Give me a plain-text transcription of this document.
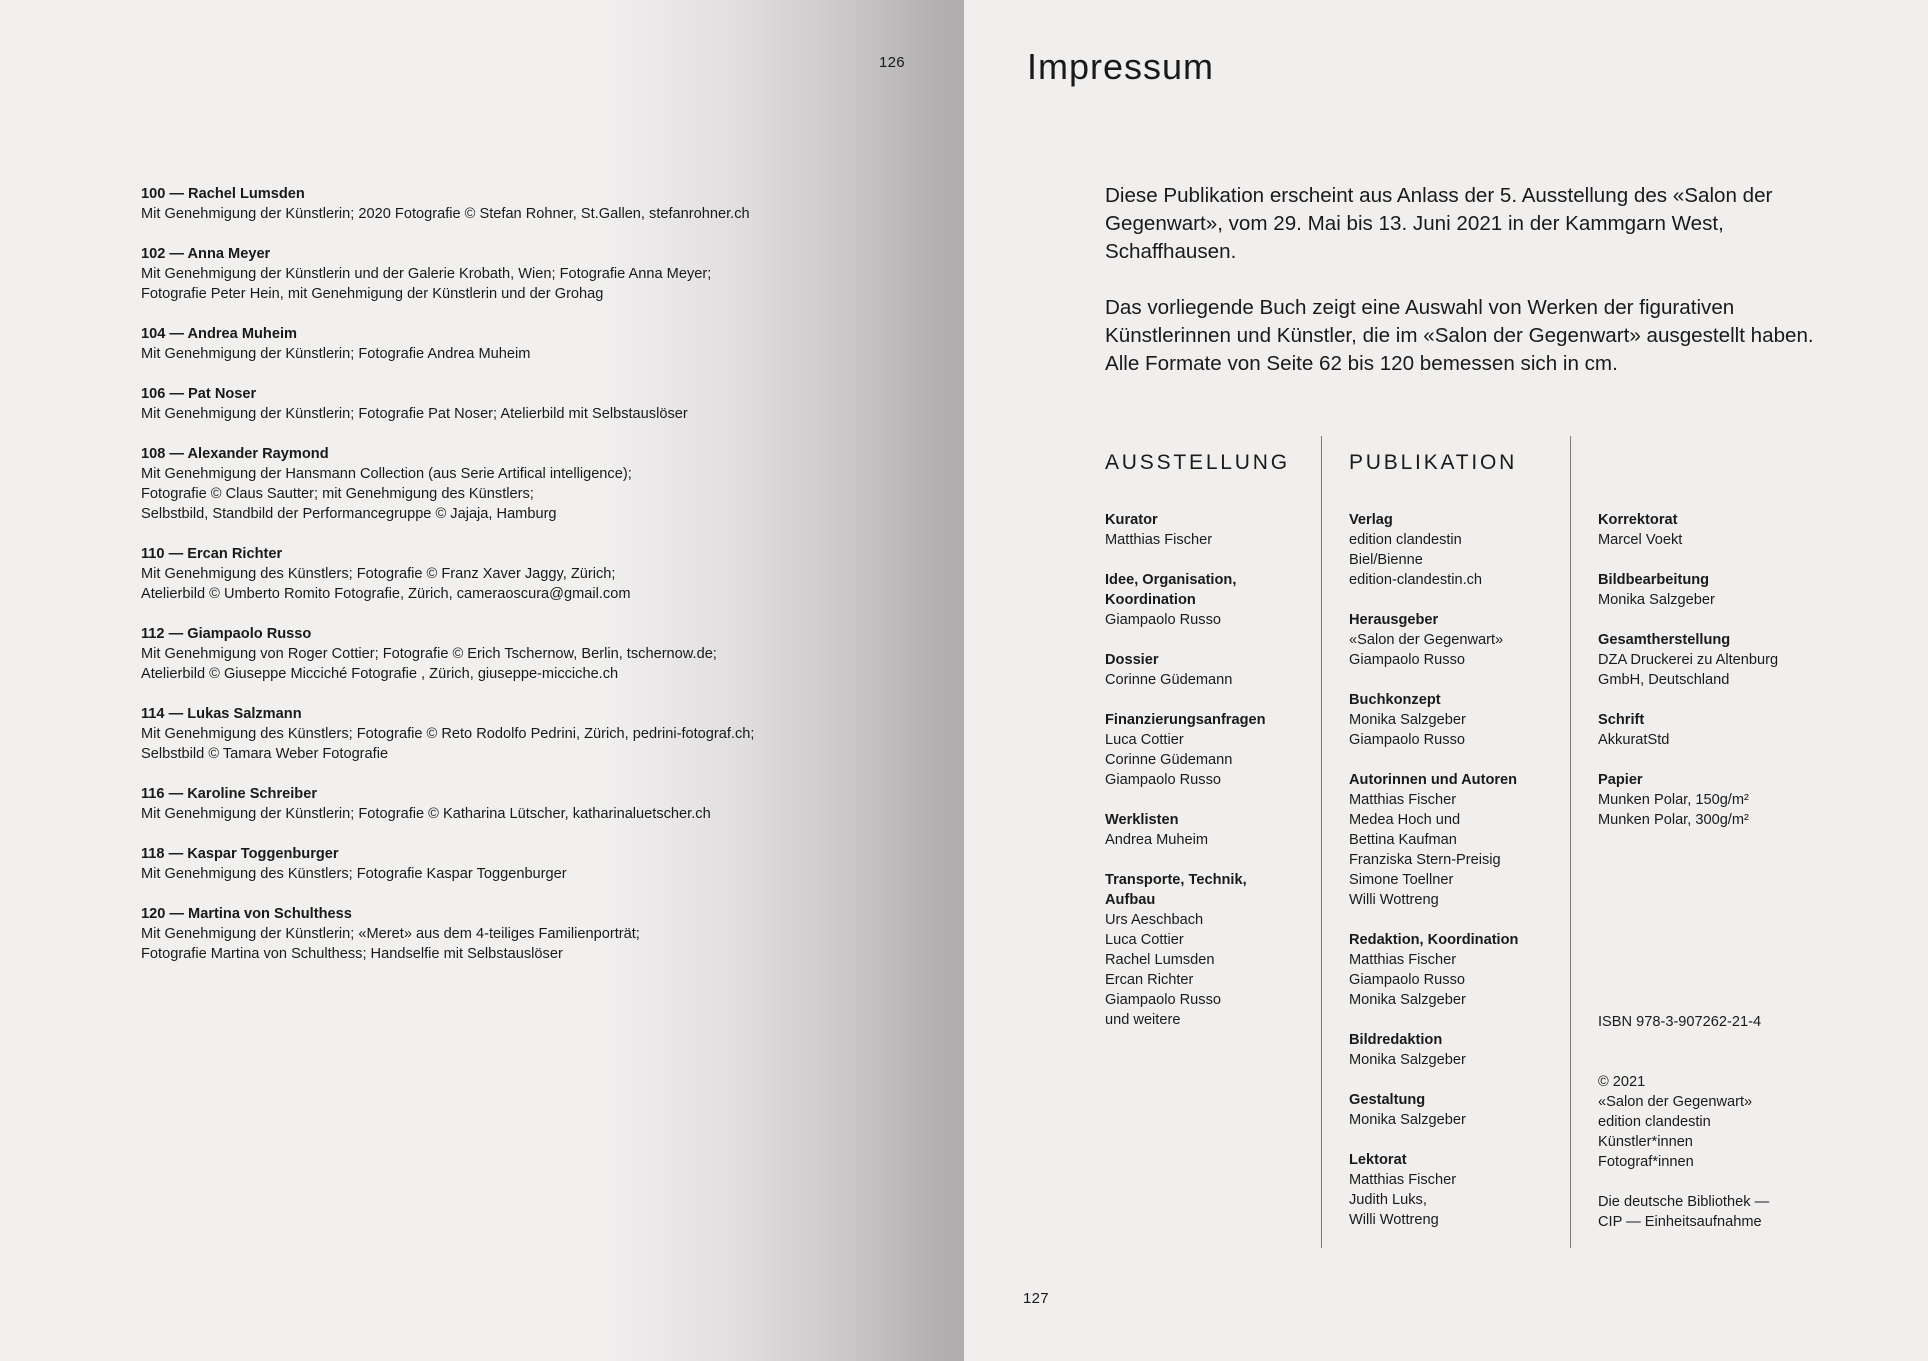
126
100 — Rachel Lumsden
Mit Genehmigung der Künstlerin; 2020 Fotografie © Stefan Rohner, St.Gallen, stefanrohner.ch
102 — Anna Meyer
Mit Genehmigung der Künstlerin und der Galerie Krobath, Wien; Fotografie Anna Meyer;
Fotografie Peter Hein, mit Genehmigung der Künstlerin und der Grohag
104 — Andrea Muheim
Mit Genehmigung der Künstlerin; Fotografie Andrea Muheim
106 — Pat Noser
Mit Genehmigung der Künstlerin; Fotografie Pat Noser; Atelierbild mit Selbstauslöser
108 — Alexander Raymond
Mit Genehmigung der Hansmann Collection (aus Serie Artifical intelligence);
Fotografie © Claus Sautter; mit Genehmigung des Künstlers;
Selbstbild, Standbild der Performancegruppe © Jajaja, Hamburg
110 — Ercan Richter
Mit Genehmigung des Künstlers; Fotografie © Franz Xaver Jaggy, Zürich;
Atelierbild © Umberto Romito Fotografie, Zürich, cameraoscura@gmail.com
112 — Giampaolo Russo
Mit Genehmigung von Roger Cottier; Fotografie © Erich Tschernow, Berlin, tschernow.de;
Atelierbild © Giuseppe Micciché Fotografie , Zürich, giuseppe-micciche.ch
114 — Lukas Salzmann
Mit Genehmigung des Künstlers; Fotografie © Reto Rodolfo Pedrini, Zürich, pedrini-fotograf.ch;
Selbstbild © Tamara Weber Fotografie
116 — Karoline Schreiber
Mit Genehmigung der Künstlerin; Fotografie © Katharina Lütscher, katharinaluetscher.ch
118 — Kaspar Toggenburger
Mit Genehmigung des Künstlers; Fotografie Kaspar Toggenburger
120 — Martina von Schulthess
Mit Genehmigung der Künstlerin; «Meret» aus dem 4-teiliges Familienporträt;
Fotografie Martina von Schulthess; Handselfie mit Selbstauslöser
Impressum

Diese Publikation erscheint aus Anlass der 5. Ausstellung des «Salon der Gegenwart», vom 29. Mai bis 13. Juni 2021 in der Kammgarn West, Schaffhausen.

Das vorliegende Buch zeigt eine Auswahl von Werken der figurativen Künstlerinnen und Künstler, die im «Salon der Gegenwart» ausgestellt haben. Alle Formate von Seite 62 bis 120 bemessen sich in cm.

AUSSTELLUNG
Kurator
Matthias Fischer
Idee, Organisation,
Koordination
Giampaolo Russo
Dossier
Corinne Güdemann
Finanzierungsanfragen
Luca Cottier
Corinne Güdemann
Giampaolo Russo
Werklisten
Andrea Muheim
Transporte, Technik,
Aufbau
Urs Aeschbach
Luca Cottier
Rachel Lumsden
Ercan Richter
Giampaolo Russo
und weitere
PUBLIKATION
Verlag
edition clandestin
Biel/Bienne
edition-clandestin.ch
Herausgeber
«Salon der Gegenwart»
Giampaolo Russo
Buchkonzept
Monika Salzgeber
Giampaolo Russo
Autorinnen und Autoren
Matthias Fischer
Medea Hoch und
Bettina Kaufman
Franziska Stern-Preisig
Simone Toellner
Willi Wottreng
Redaktion, Koordination
Matthias Fischer
Giampaolo Russo
Monika Salzgeber
Bildredaktion
Monika Salzgeber
Gestaltung
Monika Salzgeber
Lektorat
Matthias Fischer
Judith Luks,
Willi Wottreng
Korrektorat
Marcel Voekt
Bildbearbeitung
Monika Salzgeber
Gesamtherstellung
DZA Druckerei zu Altenburg
GmbH, Deutschland
Schrift
AkkuratStd
Papier
Munken Polar, 150g/m²
Munken Polar, 300g/m²
ISBN 978-3-907262-21-4
© 2021
«Salon der Gegenwart»
edition clandestin
Künstler*innen
Fotograf*innen
Die deutsche Bibliothek —
CIP — Einheitsaufnahme
127
